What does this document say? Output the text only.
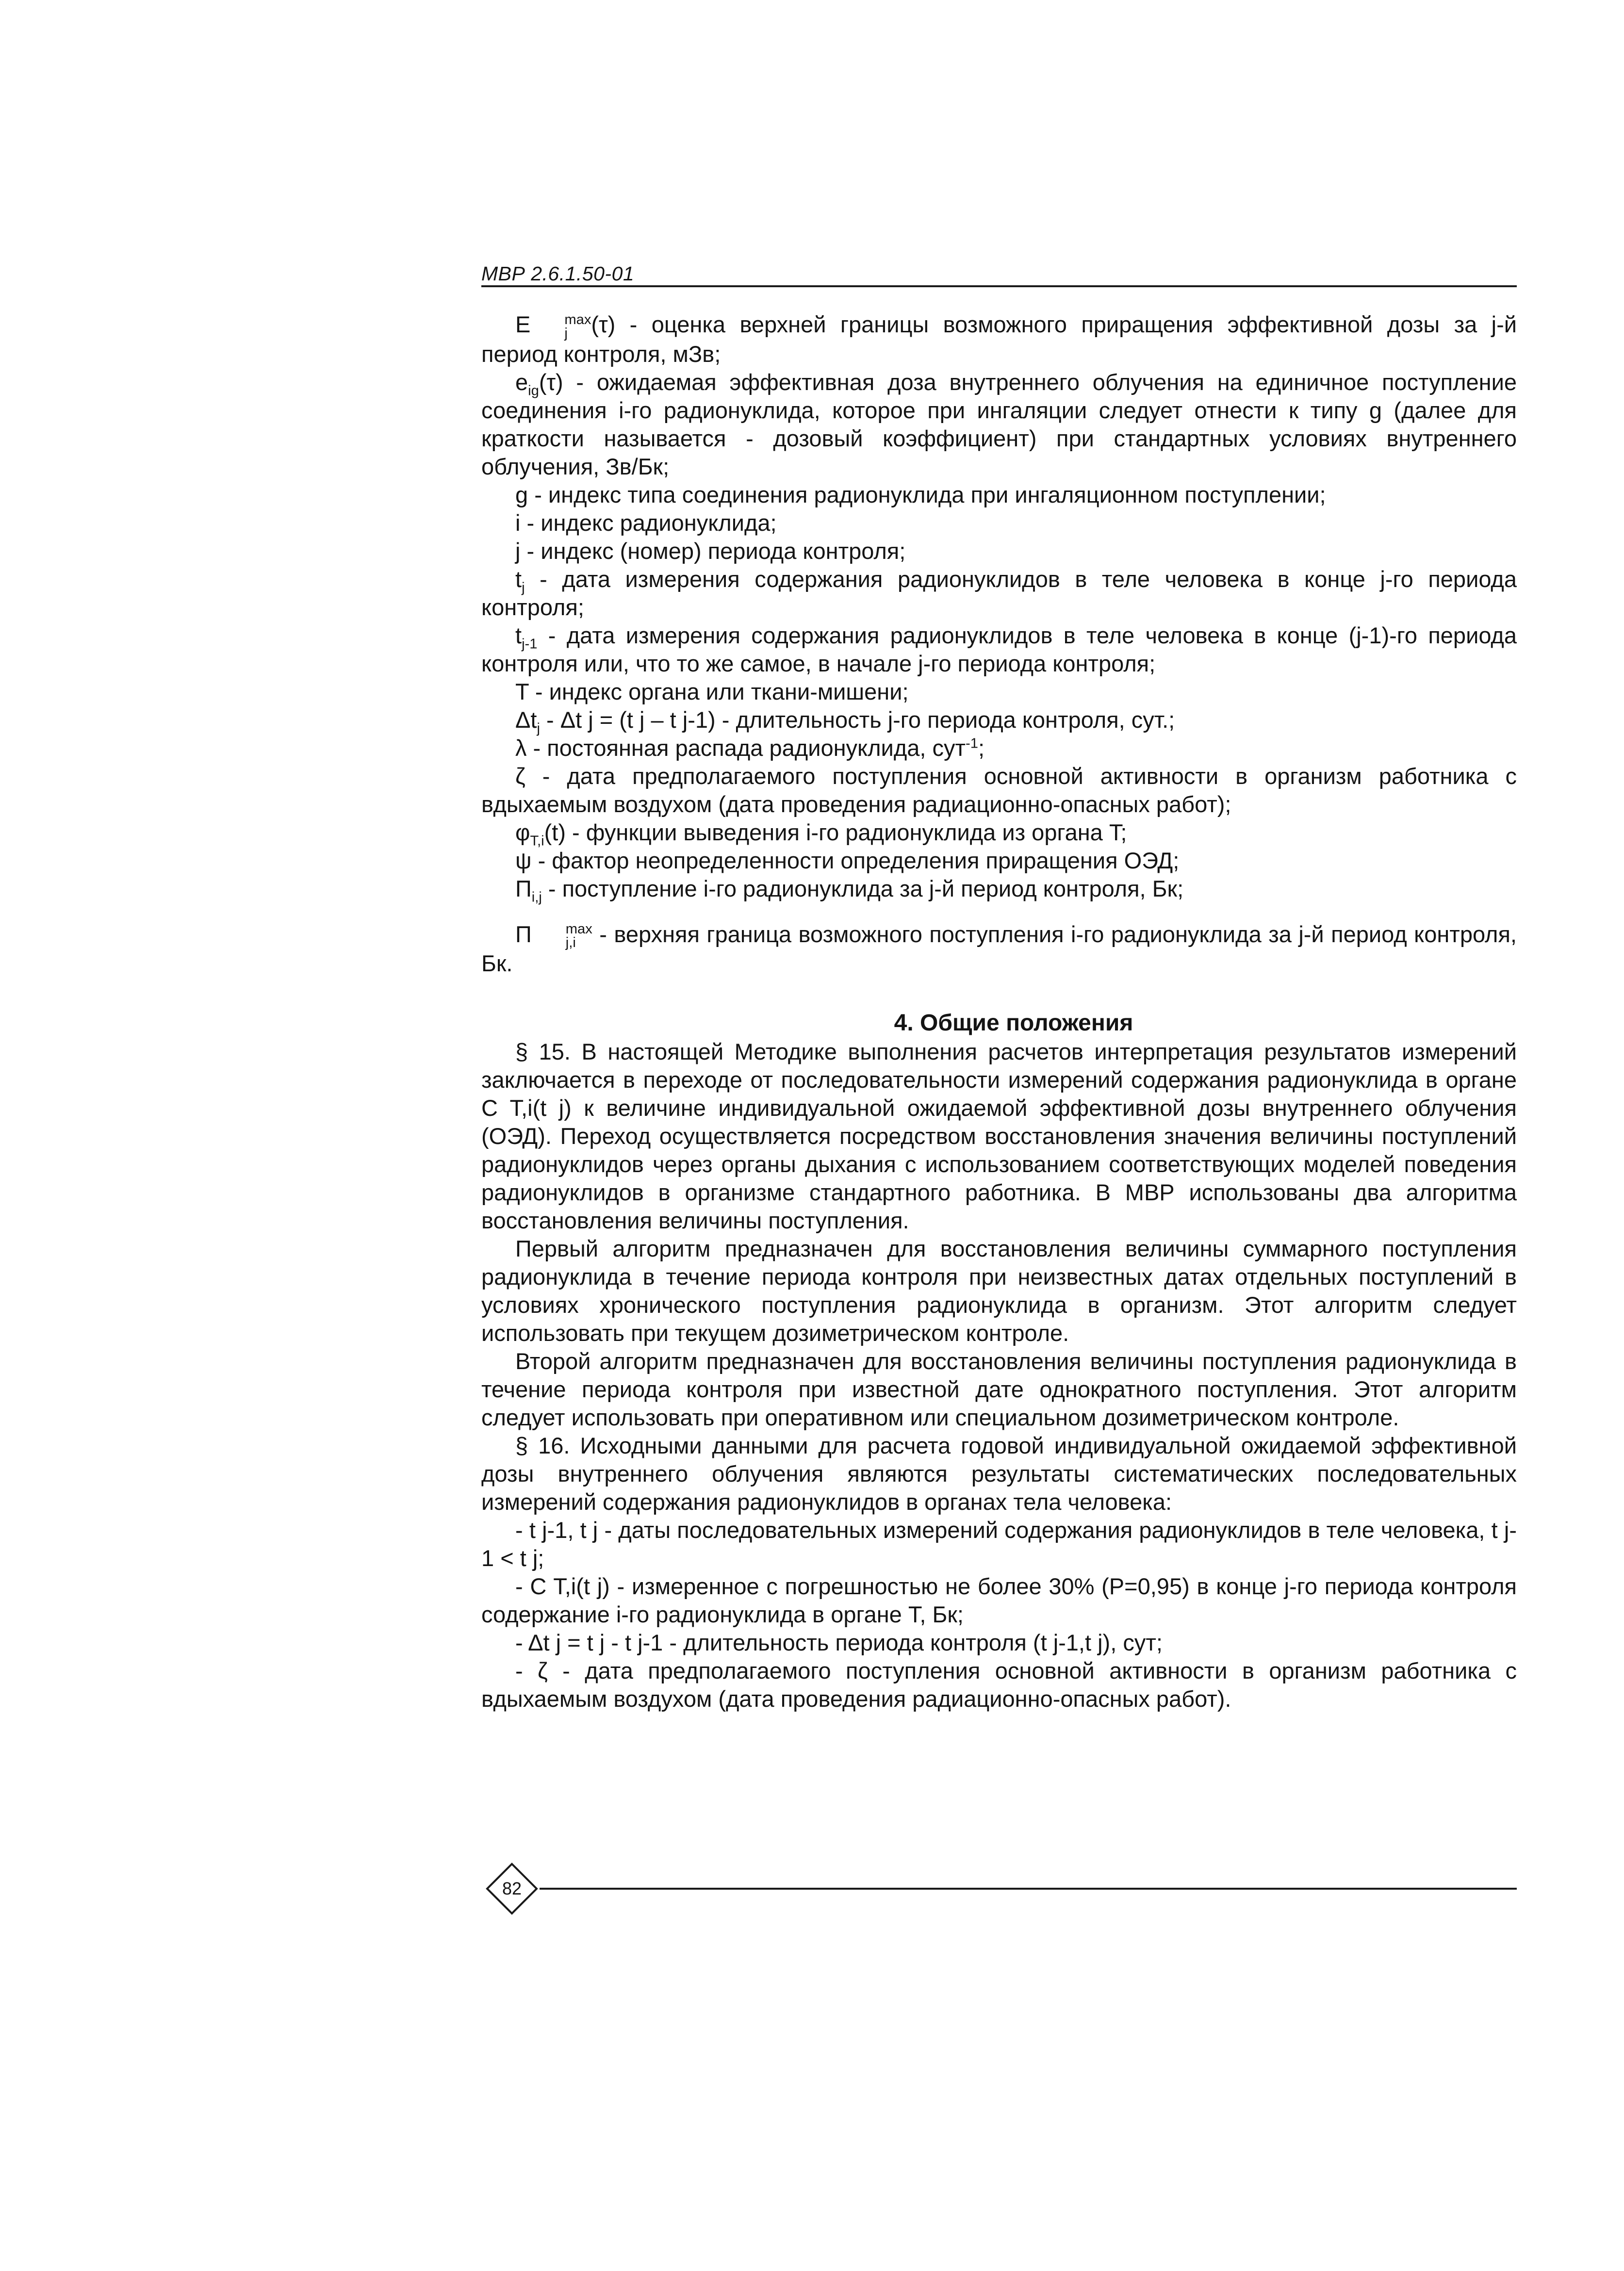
МВР 2.6.1.50-01

E	max
j	(τ) - оценка верхней границы возможного приращения эффективной дозы за j-й период контроля, мЗв;

$e_{ig}(\tau)$ - ожидаемая эффективная доза внутреннего облучения на единичное поступление соединения i-го радионуклида, которое при ингаляции следует отнести к типу g (далее для краткости называется - дозовый коэффициент) при стандартных условиях внутреннего облучения, Зв/Бк;

g - индекс типа соединения радионуклида при ингаляционном поступлении;

i - индекс радионуклида;

j - индекс (номер) периода контроля;

$t_j$ - дата измерения содержания радионуклидов в теле человека в конце j-го периода контроля;

$t_{j-1}$ - дата измерения содержания радионуклидов в теле человека в конце (j-1)-го периода контроля или, что то же самое, в начале j-го периода контроля;

T - индекс органа или ткани-мишени;

$\Delta t_j$ - Δt j = (t j – t j-1) - длительность j-го периода контроля, сут.;

λ - постоянная распада радионуклида, сут$^{-1}$;

ζ - дата предполагаемого поступления основной активности в организм работника с вдыхаемым воздухом (дата проведения радиационно-опасных работ);

$\varphi_{T,i}(t)$ - функции выведения i-го радионуклида из органа T;

ψ - фактор неопределенности определения приращения ОЭД;

$П_{i,j}$ - поступление i-го радионуклида за j-й период контроля, Бк;

П	max
j,i - верхняя граница возможного поступления i-го радионуклида за j-й период контроля, Бк.

4. Общие положения

§ 15. В настоящей Методике выполнения расчетов интерпретация результатов измерений заключается в переходе от последовательности измерений содержания радионуклида в органе C T,i(t j) к величине индивидуальной ожидаемой эффективной дозы внутреннего облучения (ОЭД). Переход осуществляется посредством восстановления значения величины поступлений радионуклидов через органы дыхания с использованием соответствующих моделей поведения радионуклидов в организме стандартного работника. В МВР использованы два алгоритма восстановления величины поступления.

Первый алгоритм предназначен для восстановления величины суммарного поступления радионуклида в течение периода контроля при неизвестных датах отдельных поступлений в условиях хронического поступления радионуклида в организм. Этот алгоритм следует использовать при текущем дозиметрическом контроле.

Второй алгоритм предназначен для восстановления величины поступления радионуклида в течение периода контроля при известной дате однократного поступления. Этот алгоритм следует использовать при оперативном или специальном дозиметрическом контроле.

§ 16. Исходными данными для расчета годовой индивидуальной ожидаемой эффективной дозы внутреннего облучения являются результаты систематических последовательных измерений содержания радионуклидов в органах тела человека:

- t j-1, t j - даты последовательных измерений содержания радионуклидов в теле человека, t j-1 < t j;

- C T,i(t j) - измеренное с погрешностью не более 30% (P=0,95) в конце j-го периода контроля содержание i-го радионуклида в органе T, Бк;

- Δt j = t j - t j-1 - длительность периода контроля (t j-1,t j), сут;

- ζ - дата предполагаемого поступления основной активности в организм работника с вдыхаемым воздухом (дата проведения радиационно-опасных работ).

82
